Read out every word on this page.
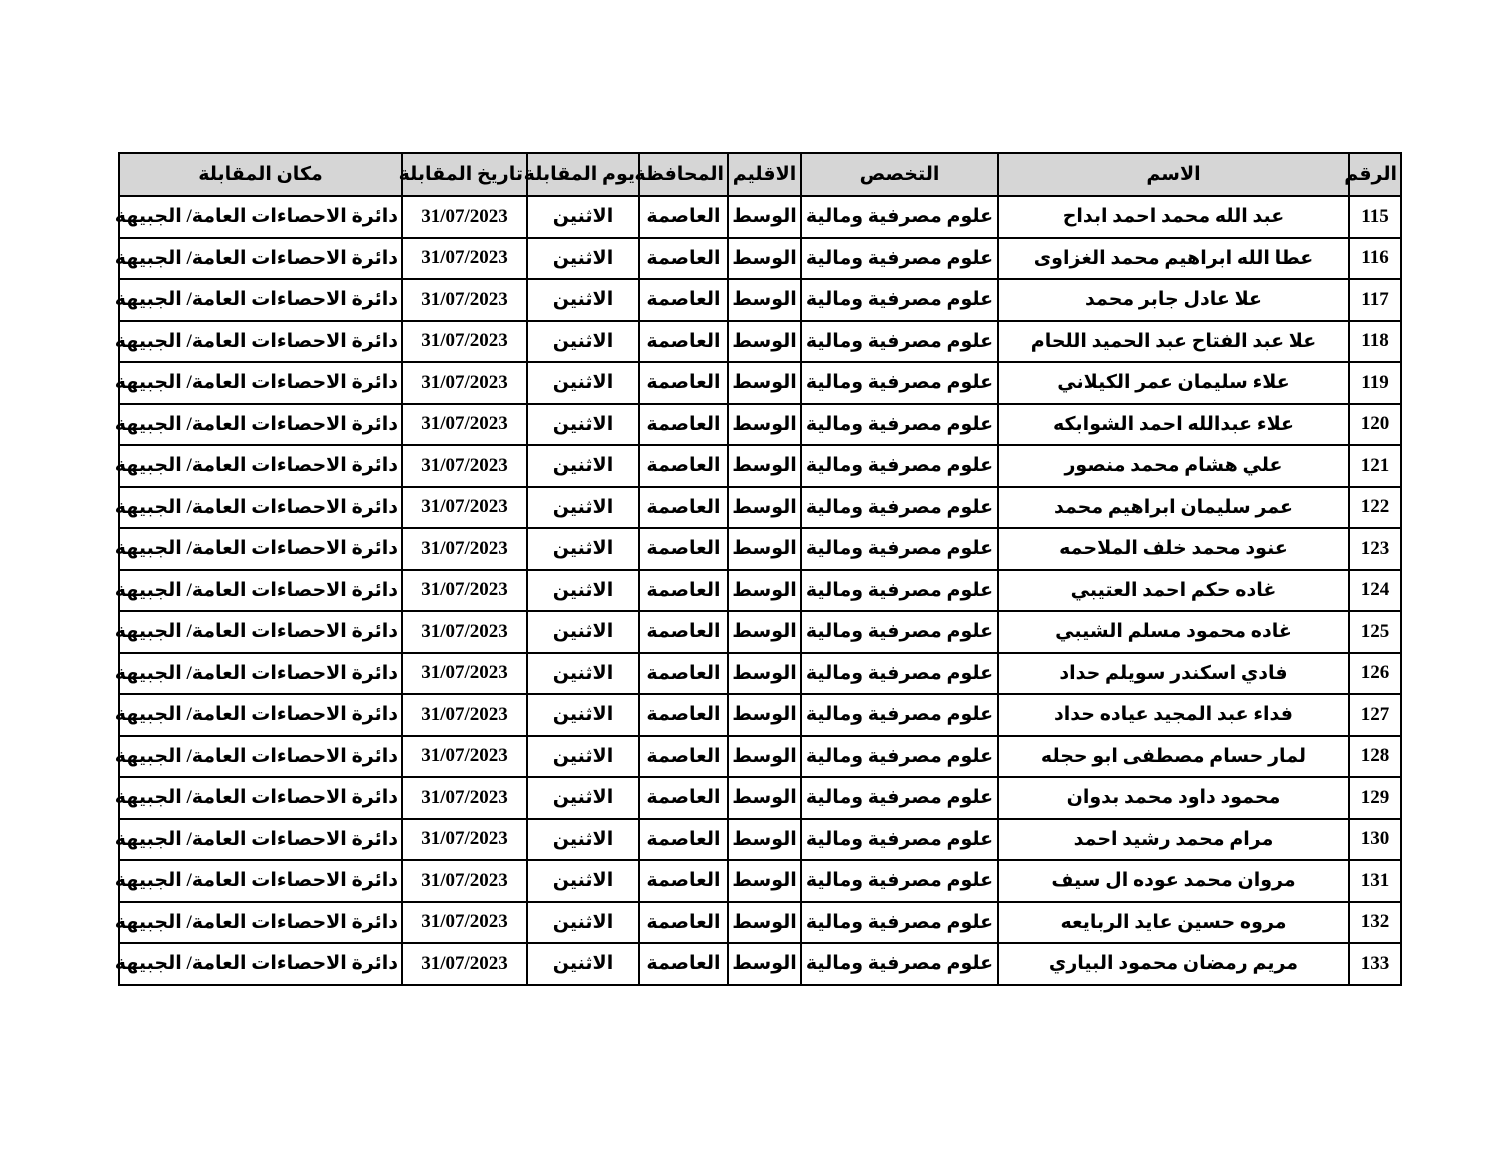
الرقم	الاسم	التخصص	الاقليم	المحافظة	يوم المقابلة	تاريخ المقابلة	مكان المقابلة
115	عبد الله محمد احمد ابداح	علوم مصرفية ومالية	الوسط	العاصمة	الاثنين	31/07/2023	دائرة الاحصاءات العامة/ الجبيهة
116	عطا الله ابراهيم محمد الغزاوى	علوم مصرفية ومالية	الوسط	العاصمة	الاثنين	31/07/2023	دائرة الاحصاءات العامة/ الجبيهة
117	علا عادل جابر محمد	علوم مصرفية ومالية	الوسط	العاصمة	الاثنين	31/07/2023	دائرة الاحصاءات العامة/ الجبيهة
118	علا عبد الفتاح عبد الحميد اللحام	علوم مصرفية ومالية	الوسط	العاصمة	الاثنين	31/07/2023	دائرة الاحصاءات العامة/ الجبيهة
119	علاء سليمان عمر الكيلاني	علوم مصرفية ومالية	الوسط	العاصمة	الاثنين	31/07/2023	دائرة الاحصاءات العامة/ الجبيهة
120	علاء عبدالله احمد الشوابكه	علوم مصرفية ومالية	الوسط	العاصمة	الاثنين	31/07/2023	دائرة الاحصاءات العامة/ الجبيهة
121	علي هشام محمد منصور	علوم مصرفية ومالية	الوسط	العاصمة	الاثنين	31/07/2023	دائرة الاحصاءات العامة/ الجبيهة
122	عمر سليمان ابراهيم محمد	علوم مصرفية ومالية	الوسط	العاصمة	الاثنين	31/07/2023	دائرة الاحصاءات العامة/ الجبيهة
123	عنود محمد خلف الملاحمه	علوم مصرفية ومالية	الوسط	العاصمة	الاثنين	31/07/2023	دائرة الاحصاءات العامة/ الجبيهة
124	غاده حكم احمد العتيبي	علوم مصرفية ومالية	الوسط	العاصمة	الاثنين	31/07/2023	دائرة الاحصاءات العامة/ الجبيهة
125	غاده محمود مسلم الشيبي	علوم مصرفية ومالية	الوسط	العاصمة	الاثنين	31/07/2023	دائرة الاحصاءات العامة/ الجبيهة
126	فادي اسكندر سويلم حداد	علوم مصرفية ومالية	الوسط	العاصمة	الاثنين	31/07/2023	دائرة الاحصاءات العامة/ الجبيهة
127	فداء عبد المجيد عياده حداد	علوم مصرفية ومالية	الوسط	العاصمة	الاثنين	31/07/2023	دائرة الاحصاءات العامة/ الجبيهة
128	لمار حسام مصطفى ابو حجله	علوم مصرفية ومالية	الوسط	العاصمة	الاثنين	31/07/2023	دائرة الاحصاءات العامة/ الجبيهة
129	محمود داود محمد بدوان	علوم مصرفية ومالية	الوسط	العاصمة	الاثنين	31/07/2023	دائرة الاحصاءات العامة/ الجبيهة
130	مرام محمد رشيد احمد	علوم مصرفية ومالية	الوسط	العاصمة	الاثنين	31/07/2023	دائرة الاحصاءات العامة/ الجبيهة
131	مروان محمد عوده ال سيف	علوم مصرفية ومالية	الوسط	العاصمة	الاثنين	31/07/2023	دائرة الاحصاءات العامة/ الجبيهة
132	مروه حسين عايد الربايعه	علوم مصرفية ومالية	الوسط	العاصمة	الاثنين	31/07/2023	دائرة الاحصاءات العامة/ الجبيهة
133	مريم رمضان محمود البياري	علوم مصرفية ومالية	الوسط	العاصمة	الاثنين	31/07/2023	دائرة الاحصاءات العامة/ الجبيهة
